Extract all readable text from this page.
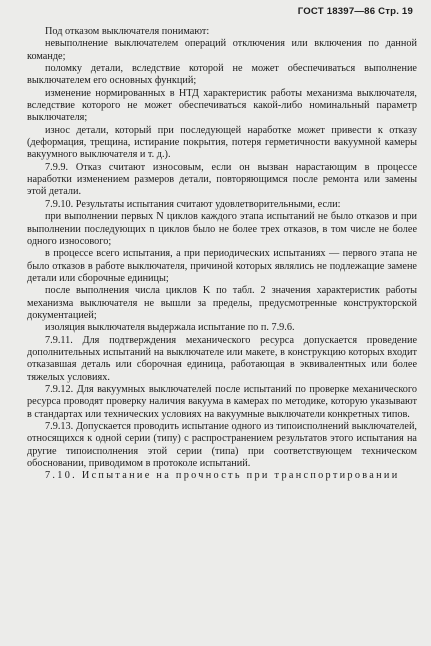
ГОСТ 18397—86 Стр. 19

Под отказом выключателя понимают:

невыполнение выключателем операций отключения или включения по данной команде;

поломку детали, вследствие которой не может обеспечиваться выполнение выключателем его основных функций;

изменение нормированных в НТД характеристик работы механизма выключателя, вследствие которого не может обеспечиваться какой-либо номинальный параметр выключателя;

износ детали, который при последующей наработке может привести к отказу (деформация, трещина, истирание покрытия, потеря герметичности вакуумной камеры вакуумного выключателя и т. д.).

7.9.9. Отказ считают износовым, если он вызван нарастающим в процессе наработки изменением размеров детали, повторяющимся после ремонта или замены этой детали.

7.9.10. Результаты испытания считают удовлетворительными, если:

при выполнении первых N циклов каждого этапа испытаний не было отказов и при выполнении последующих n циклов было не более трех отказов, в том числе не более одного износового;

в процессе всего испытания, а при периодических испытаниях — первого этапа не было отказов в работе выключателя, причиной которых являлись не подлежащие замене детали или сборочные единицы;

после выполнения числа циклов K по табл. 2 значения характеристик работы механизма выключателя не вышли за пределы, предусмотренные конструкторской документацией;

изоляция выключателя выдержала испытание по п. 7.9.6.

7.9.11. Для подтверждения механического ресурса допускается проведение дополнительных испытаний на выключателе или макете, в конструкцию которых входит отказавшая деталь или сборочная единица, работающая в эквивалентных или более тяжелых условиях.

7.9.12. Для вакуумных выключателей после испытаний по проверке механического ресурса проводят проверку наличия вакуума в камерах по методике, которую указывают в стандартах или технических условиях на вакуумные выключатели конкретных типов.

7.9.13. Допускается проводить испытание одного из типоисполнений выключателей, относящихся к одной серии (типу) с распространением результатов этого испытания на другие типоисполнения этой серии (типа) при соответствующем техническом обосновании, приводимом в протоколе испытаний.

7.10. Испытание на прочность при транспортировании
